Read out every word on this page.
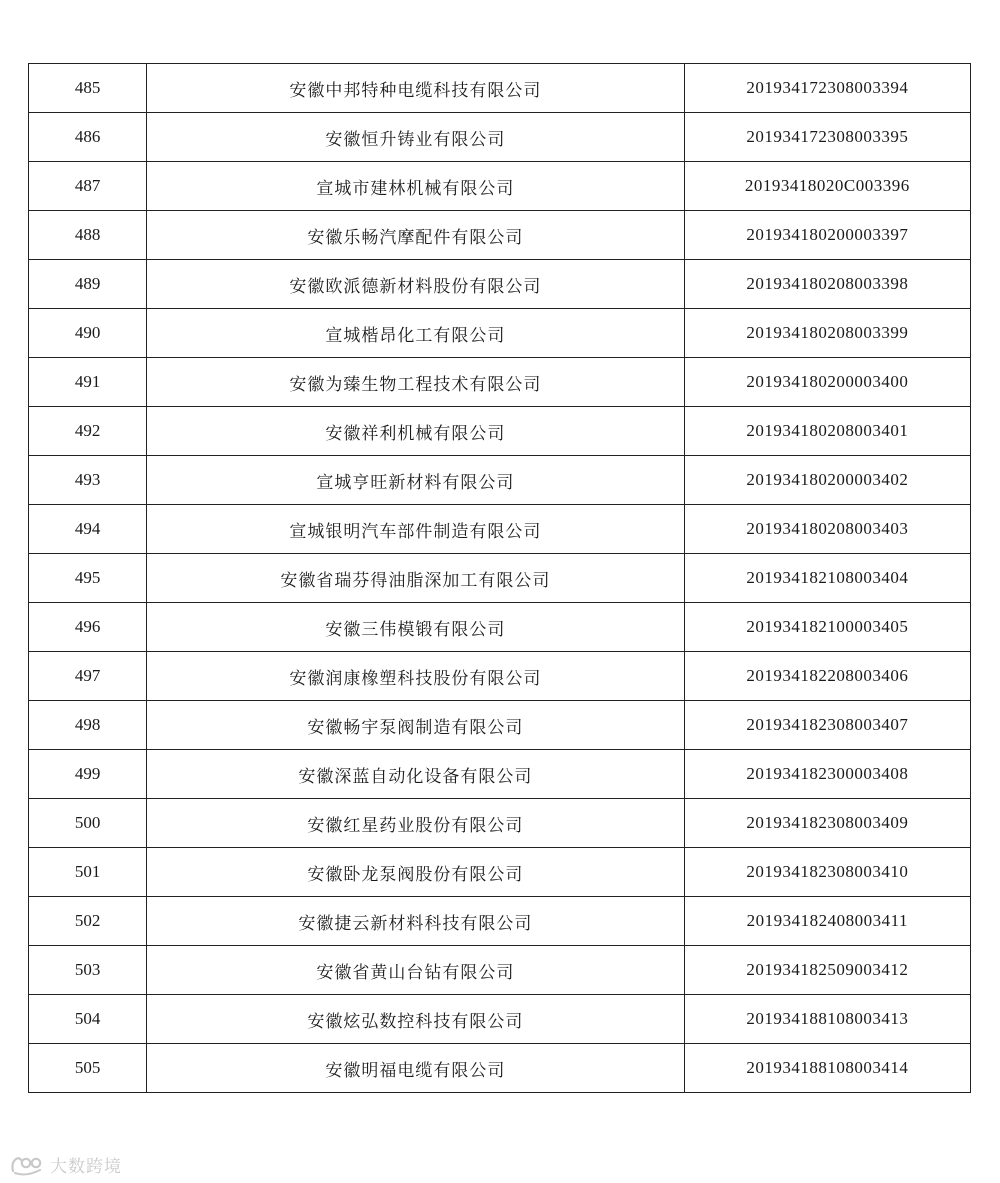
485	安徽中邦特种电缆科技有限公司	201934172308003394
486	安徽恒升铸业有限公司	201934172308003395
487	宣城市建林机械有限公司	20193418020C003396
488	安徽乐畅汽摩配件有限公司	201934180200003397
489	安徽欧派德新材料股份有限公司	201934180208003398
490	宣城楷昂化工有限公司	201934180208003399
491	安徽为臻生物工程技术有限公司	201934180200003400
492	安徽祥利机械有限公司	201934180208003401
493	宣城亨旺新材料有限公司	201934180200003402
494	宣城银明汽车部件制造有限公司	201934180208003403
495	安徽省瑞芬得油脂深加工有限公司	201934182108003404
496	安徽三伟模锻有限公司	201934182100003405
497	安徽润康橡塑科技股份有限公司	201934182208003406
498	安徽畅宇泵阀制造有限公司	201934182308003407
499	安徽深蓝自动化设备有限公司	201934182300003408
500	安徽红星药业股份有限公司	201934182308003409
501	安徽卧龙泵阀股份有限公司	201934182308003410
502	安徽捷云新材料科技有限公司	201934182408003411
503	安徽省黄山台钻有限公司	201934182509003412
504	安徽炫弘数控科技有限公司	201934188108003413
505	安徽明福电缆有限公司	201934188108003414
大数跨境
